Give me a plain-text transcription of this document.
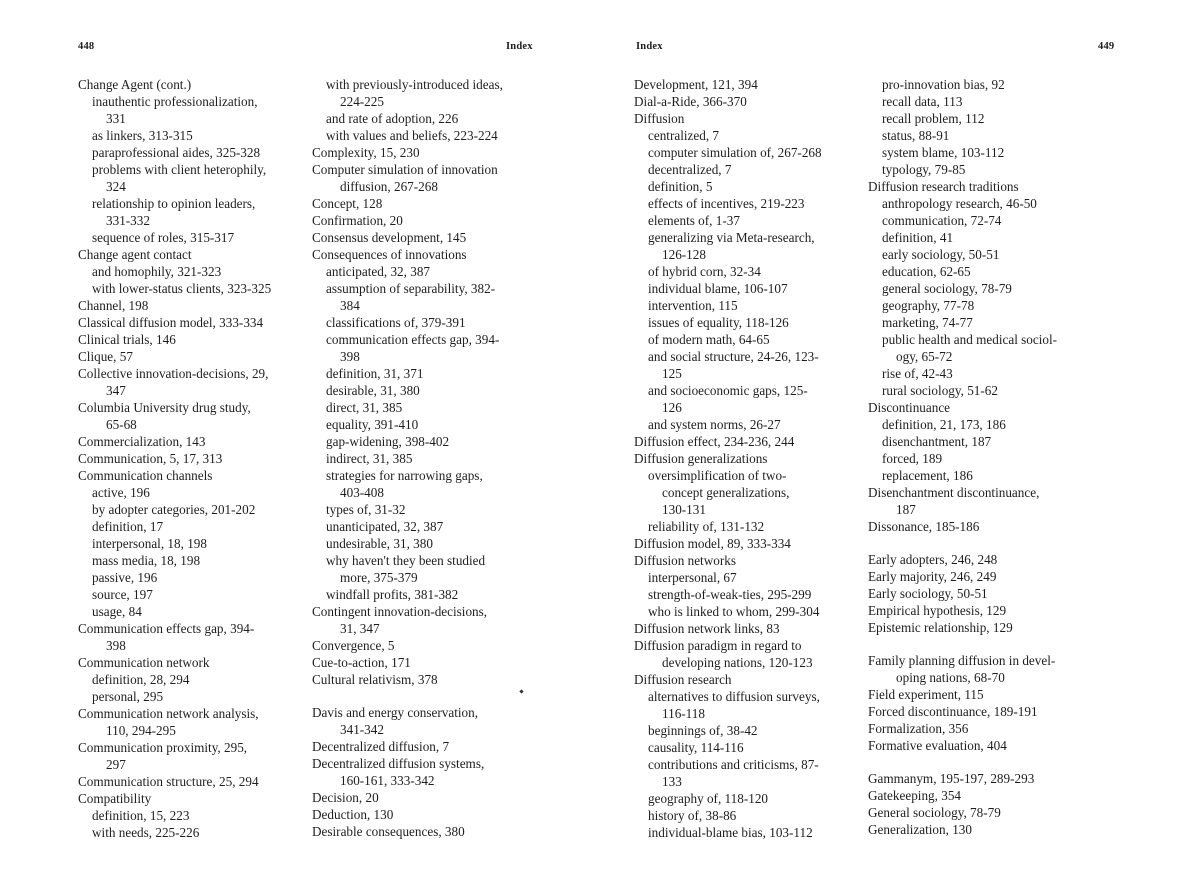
448	Index
Change Agent (cont.)
inauthentic professionalization,
331
as linkers, 313-315
paraprofessional aides, 325-328
problems with client heterophily,
324
relationship to opinion leaders,
331-332
sequence of roles, 315-317
Change agent contact
and homophily, 321-323
with lower-status clients, 323-325
Channel, 198
Classical diffusion model, 333-334
Clinical trials, 146
Clique, 57
Collective innovation-decisions, 29,
347
Columbia University drug study,
65-68
Commercialization, 143
Communication, 5, 17, 313
Communication channels
active, 196
by adopter categories, 201-202
definition, 17
interpersonal, 18, 198
mass media, 18, 198
passive, 196
source, 197
usage, 84
Communication effects gap, 394-
398
Communication network
definition, 28, 294
personal, 295
Communication network analysis,
110, 294-295
Communication proximity, 295,
297
Communication structure, 25, 294
Compatibility
definition, 15, 223
with needs, 225-226
with previously-introduced ideas,
224-225
and rate of adoption, 226
with values and beliefs, 223-224
Complexity, 15, 230
Computer simulation of innovation
diffusion, 267-268
Concept, 128
Confirmation, 20
Consensus development, 145
Consequences of innovations
anticipated, 32, 387
assumption of separability, 382-
384
classifications of, 379-391
communication effects gap, 394-
398
definition, 31, 371
desirable, 31, 380
direct, 31, 385
equality, 391-410
gap-widening, 398-402
indirect, 31, 385
strategies for narrowing gaps,
403-408
types of, 31-32
unanticipated, 32, 387
undesirable, 31, 380
why haven't they been studied
more, 375-379
windfall profits, 381-382
Contingent innovation-decisions,
31, 347
Convergence, 5
Cue-to-action, 171
Cultural relativism, 378
Davis and energy conservation,
341-342
Decentralized diffusion, 7
Decentralized diffusion systems,
160-161, 333-342
Decision, 20
Deduction, 130
Desirable consequences, 380
Index	449
Development, 121, 394
Dial-a-Ride, 366-370
Diffusion
centralized, 7
computer simulation of, 267-268
decentralized, 7
definition, 5
effects of incentives, 219-223
elements of, 1-37
generalizing via Meta-research,
126-128
of hybrid corn, 32-34
individual blame, 106-107
intervention, 115
issues of equality, 118-126
of modern math, 64-65
and social structure, 24-26, 123-
125
and socioeconomic gaps, 125-
126
and system norms, 26-27
Diffusion effect, 234-236, 244
Diffusion generalizations
oversimplification of two-
concept generalizations,
130-131
reliability of, 131-132
Diffusion model, 89, 333-334
Diffusion networks
interpersonal, 67
strength-of-weak-ties, 295-299
who is linked to whom, 299-304
Diffusion network links, 83
Diffusion paradigm in regard to
developing nations, 120-123
Diffusion research
alternatives to diffusion surveys,
116-118
beginnings of, 38-42
causality, 114-116
contributions and criticisms, 87-
133
geography of, 118-120
history of, 38-86
individual-blame bias, 103-112
pro-innovation bias, 92
recall data, 113
recall problem, 112
status, 88-91
system blame, 103-112
typology, 79-85
Diffusion research traditions
anthropology research, 46-50
communication, 72-74
definition, 41
early sociology, 50-51
education, 62-65
general sociology, 78-79
geography, 77-78
marketing, 74-77
public health and medical sociol-
ogy, 65-72
rise of, 42-43
rural sociology, 51-62
Discontinuance
definition, 21, 173, 186
disenchantment, 187
forced, 189
replacement, 186
Disenchantment discontinuance,
187
Dissonance, 185-186
Early adopters, 246, 248
Early majority, 246, 249
Early sociology, 50-51
Empirical hypothesis, 129
Epistemic relationship, 129
Family planning diffusion in devel-
oping nations, 68-70
Field experiment, 115
Forced discontinuance, 189-191
Formalization, 356
Formative evaluation, 404
Gammanym, 195-197, 289-293
Gatekeeping, 354
General sociology, 78-79
Generalization, 130
